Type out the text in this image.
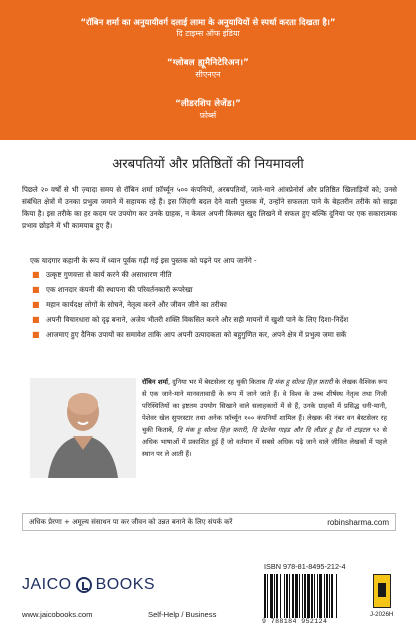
“रॉबिन शर्मा का अनुयायीवर्ग दलाई लामा के अनुयायियों से स्पर्धा करता दिखता है।”
दि टाइम्स ऑफ इंडिया
“ग्लोबल ह्यूमैनिटेरिअन।”
सीएनएन
“लीडरशिप लेजेंड।”
फ़ोर्ब्स
अरबपतियों और प्रतिष्ठितों की नियमावली

पिछले २० वर्षों से भी ज़्यादा समय से रॉबिन शर्मा फ़ॉर्च्यून ५०० कंपनियों, अरबपतियों, जाने-माने आंत्रप्रेनोर्स और प्रतिष्ठित खिलाड़ियों को; उनसे संबंधित क्षेत्रों में उनका प्रभुत्व जमाने में सहायक रहे हैं। इस जिंदगी बदल देने वाली पुस्तक में, उन्होंने सफलता पाने के बेहतरीन तरीके को साझा किया है। इस तरीके का हर कदम पर उपयोग कर उनके ग्राहक, न केवल अपनी किस्मत खुद लिखने में सफल हुए बल्कि दुनिया पर एक सकारात्मक प्रभाव छोड़ने में भी कामयाब हुए हैं।

एक यादगार कहानी के रूप में ध्यान पूर्वक गढ़ी गई इस पुस्तक को पढ़ने पर आप जानेंगे -
■ उत्कृष्ट गुणवत्ता से कार्य करने की असाधारण नीति
■ एक शानदार कंपनी की स्थापना की परिवर्तनकारी रूपरेखा
■ महान कार्यदक्ष लोगों के सोचने, नेतृत्व करने और जीवन जीने का तरीका
■ अपनी विचारधारा को दृढ़ बनाने, अजेय भीतरी शक्ति विकसित करने और सही मायनों में खुशी पाने के लिए दिशा-निर्देश
■ आजमाए हुए दैनिक उपायों का समावेश ताकि आप अपनी उत्पादकता को बहुगुणित कर, अपने क्षेत्र में प्रभुत्व जमा सकें
रॉबिन शर्मा, दुनिया भर में बेस्टसेलर रह चुकी किताब दि मंक हू सोल्ड हिज़ फ़रारी के लेखक वैश्विक रूप से एक जाने-माने मानवतावादी के रूप में जाने जाते हैं। वे विश्व के उच्च शीर्षस्थ नेतृत्व तथा निजी परिस्थितियों का इष्टतम उपयोग सिखाने वाले सलाहकारों में से हैं, उनके ग्राहकों में प्रसिद्ध धनी-मानी, पेशेवर खेल सुपरस्टार तथा अनेक फ़ॉर्च्यून १०० कंपनियाँ शामिल हैं। लेखक की नंबर वन बेस्टसेलर रह चुकी किताबें, दि मंक हू सोल्ड हिज़ फ़रारी, दि ग्रेटनेस गाइड और दि लीडर हू हैड नो टाइटल ९२ से अधिक भाषाओं में प्रकाशित हुई हैं जो वर्तमान में सबसे अधिक पढ़े जाने वाले जीवित लेखकों में पहले स्थान पर ले आती हैं।
अधिक प्रेरणा + अमूल्य संसाधन पा कर जीवन को उन्नत बनाने के लिए संपर्क करें	robinsharma.com
JAICO BOOKS
www.jaicobooks.com	Self-Help / Business
ISBN 978-81-8495-212-4
9 788184 952124
J-2026H
